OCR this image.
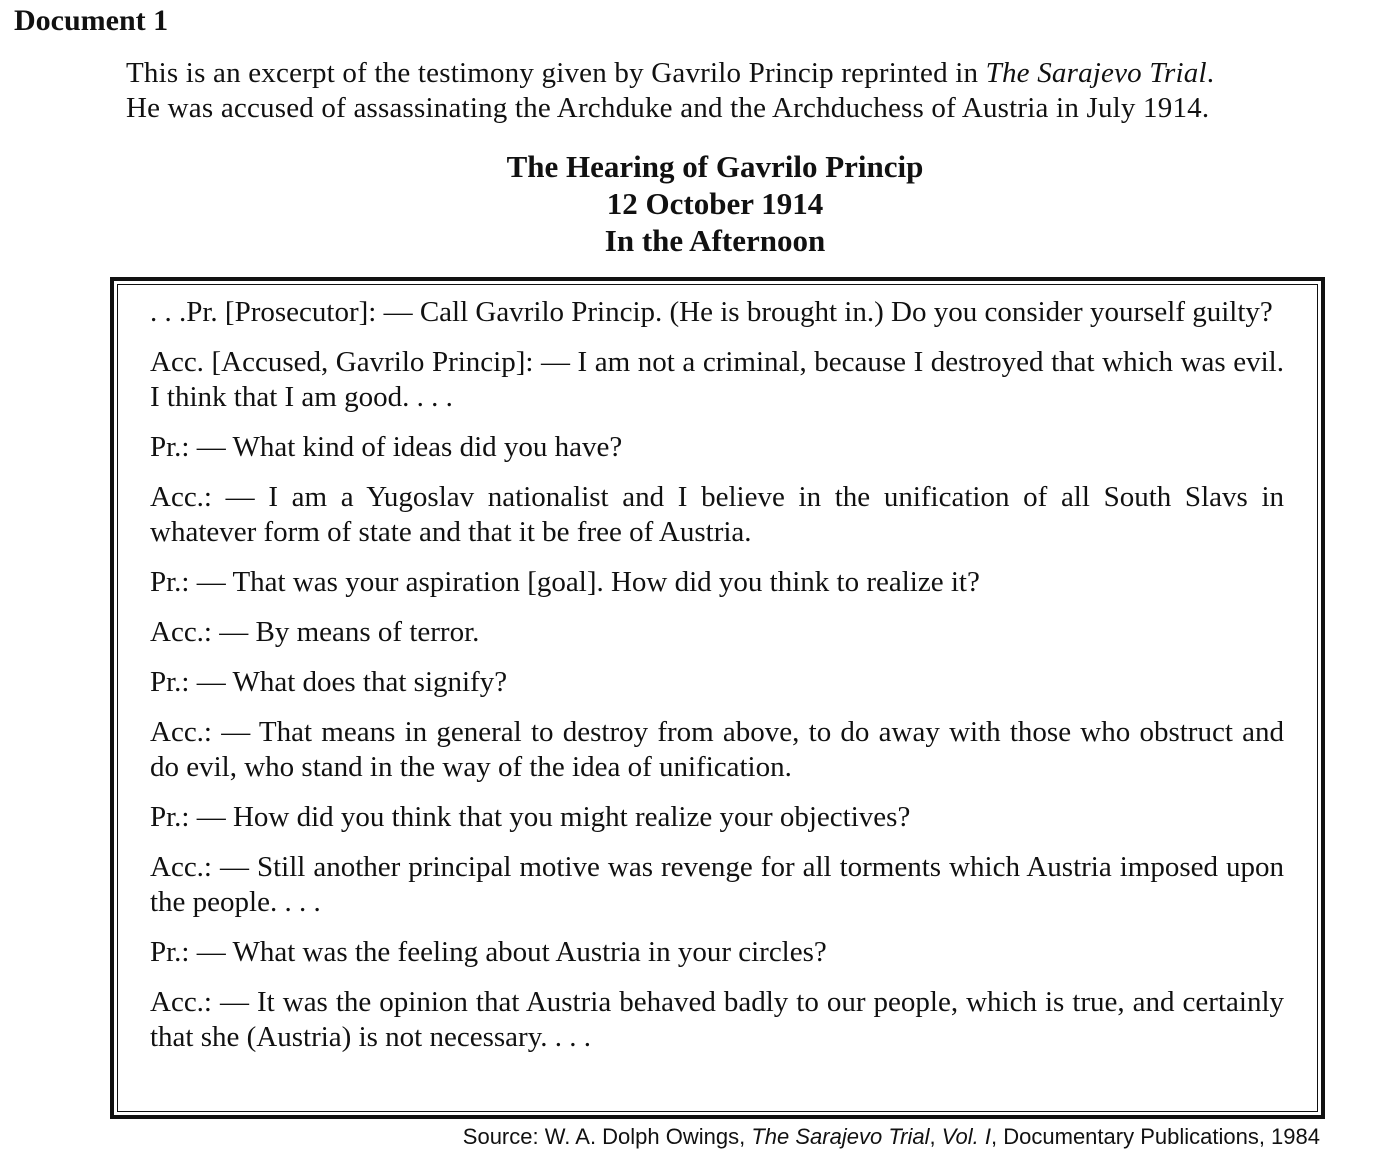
Document 1
This is an excerpt of the testimony given by Gavrilo Princip reprinted in The Sarajevo Trial.
He was accused of assassinating the Archduke and the Archduchess of Austria in July 1914.
The Hearing of Gavrilo Princip
12 October 1914
In the Afternoon

. . .Pr. [Prosecutor]: — Call Gavrilo Princip. (He is brought in.) Do you consider yourself guilty?

Acc. [Accused, Gavrilo Princip]: — I am not a criminal, because I destroyed that which was evil. I think that I am good. . . .

Pr.: — What kind of ideas did you have?

Acc.: — I am a Yugoslav nationalist and I believe in the unification of all South Slavs in whatever form of state and that it be free of Austria.

Pr.: — That was your aspiration [goal]. How did you think to realize it?

Acc.: — By means of terror.

Pr.: — What does that signify?

Acc.: — That means in general to destroy from above, to do away with those who obstruct and do evil, who stand in the way of the idea of unification.

Pr.: — How did you think that you might realize your objectives?

Acc.: — Still another principal motive was revenge for all torments which Austria imposed upon the people. . . .

Pr.: — What was the feeling about Austria in your circles?

Acc.: — It was the opinion that Austria behaved badly to our people, which is true, and certainly that she (Austria) is not necessary. . . .

Source: W. A. Dolph Owings, The Sarajevo Trial, Vol. I, Documentary Publications, 1984
